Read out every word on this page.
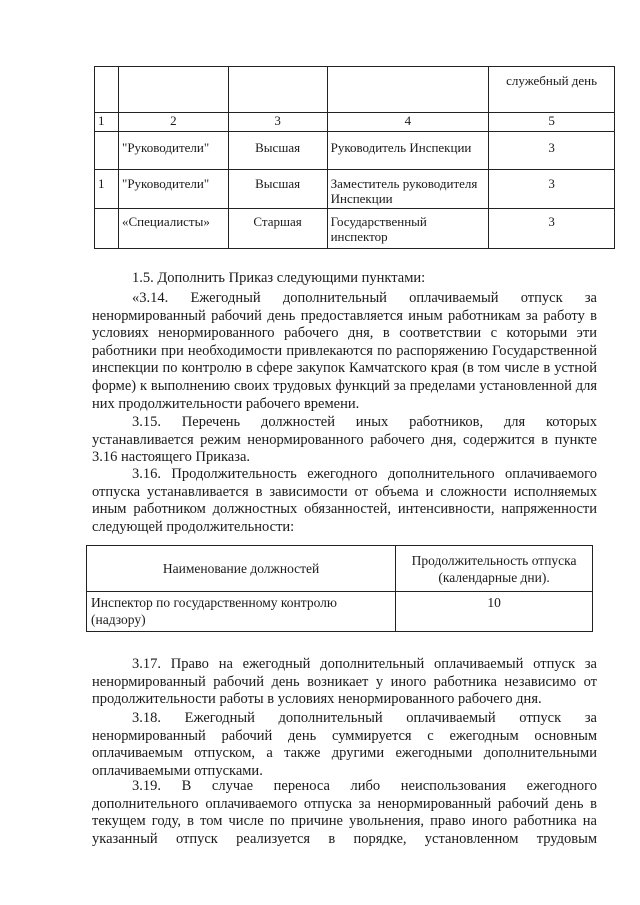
				служебный день
1	2	3	4	5
	"Руководители"	Высшая	Руководитель Инспекции	3
1	"Руководители"	Высшая	Заместитель руководителя Инспекции	3
	«Специалисты»	Старшая	Государственный инспектор	3

1.5. Дополнить Приказ следующими пунктами:

«3.14. Ежегодный дополнительный оплачиваемый отпуск за ненормированный рабочий день предоставляется иным работникам за работу в условиях ненормированного рабочего дня, в соответствии с которыми эти работники при необходимости привлекаются по распоряжению Государственной инспекции по контролю в сфере закупок Камчатского края (в том числе в устной форме) к выполнению своих трудовых функций за пределами установленной для них продолжительности рабочего времени.

3.15. Перечень должностей иных работников, для которых устанавливается режим ненормированного рабочего дня, содержится в пункте 3.16 настоящего Приказа.

3.16. Продолжительность ежегодного дополнительного оплачиваемого отпуска устанавливается в зависимости от объема и сложности исполняемых иным работником должностных обязанностей, интенсивности, напряженности следующей продолжительности:

Наименование должностей	Продолжительность отпуска (календарные дни).
Инспектор по государственному контролю (надзору)	10

3.17. Право на ежегодный дополнительный оплачиваемый отпуск за ненормированный рабочий день возникает у иного работника независимо от продолжительности работы в условиях ненормированного рабочего дня.

3.18. Ежегодный дополнительный оплачиваемый отпуск за ненормированный рабочий день суммируется с ежегодным основным оплачиваемым отпуском, а также другими ежегодными дополнительными оплачиваемыми отпусками.

3.19. В случае переноса либо неиспользования ежегодного дополнительного оплачиваемого отпуска за ненормированный рабочий день в текущем году, в том числе по причине увольнения, право иного работника на указанный отпуск реализуется в порядке, установленном трудовым
